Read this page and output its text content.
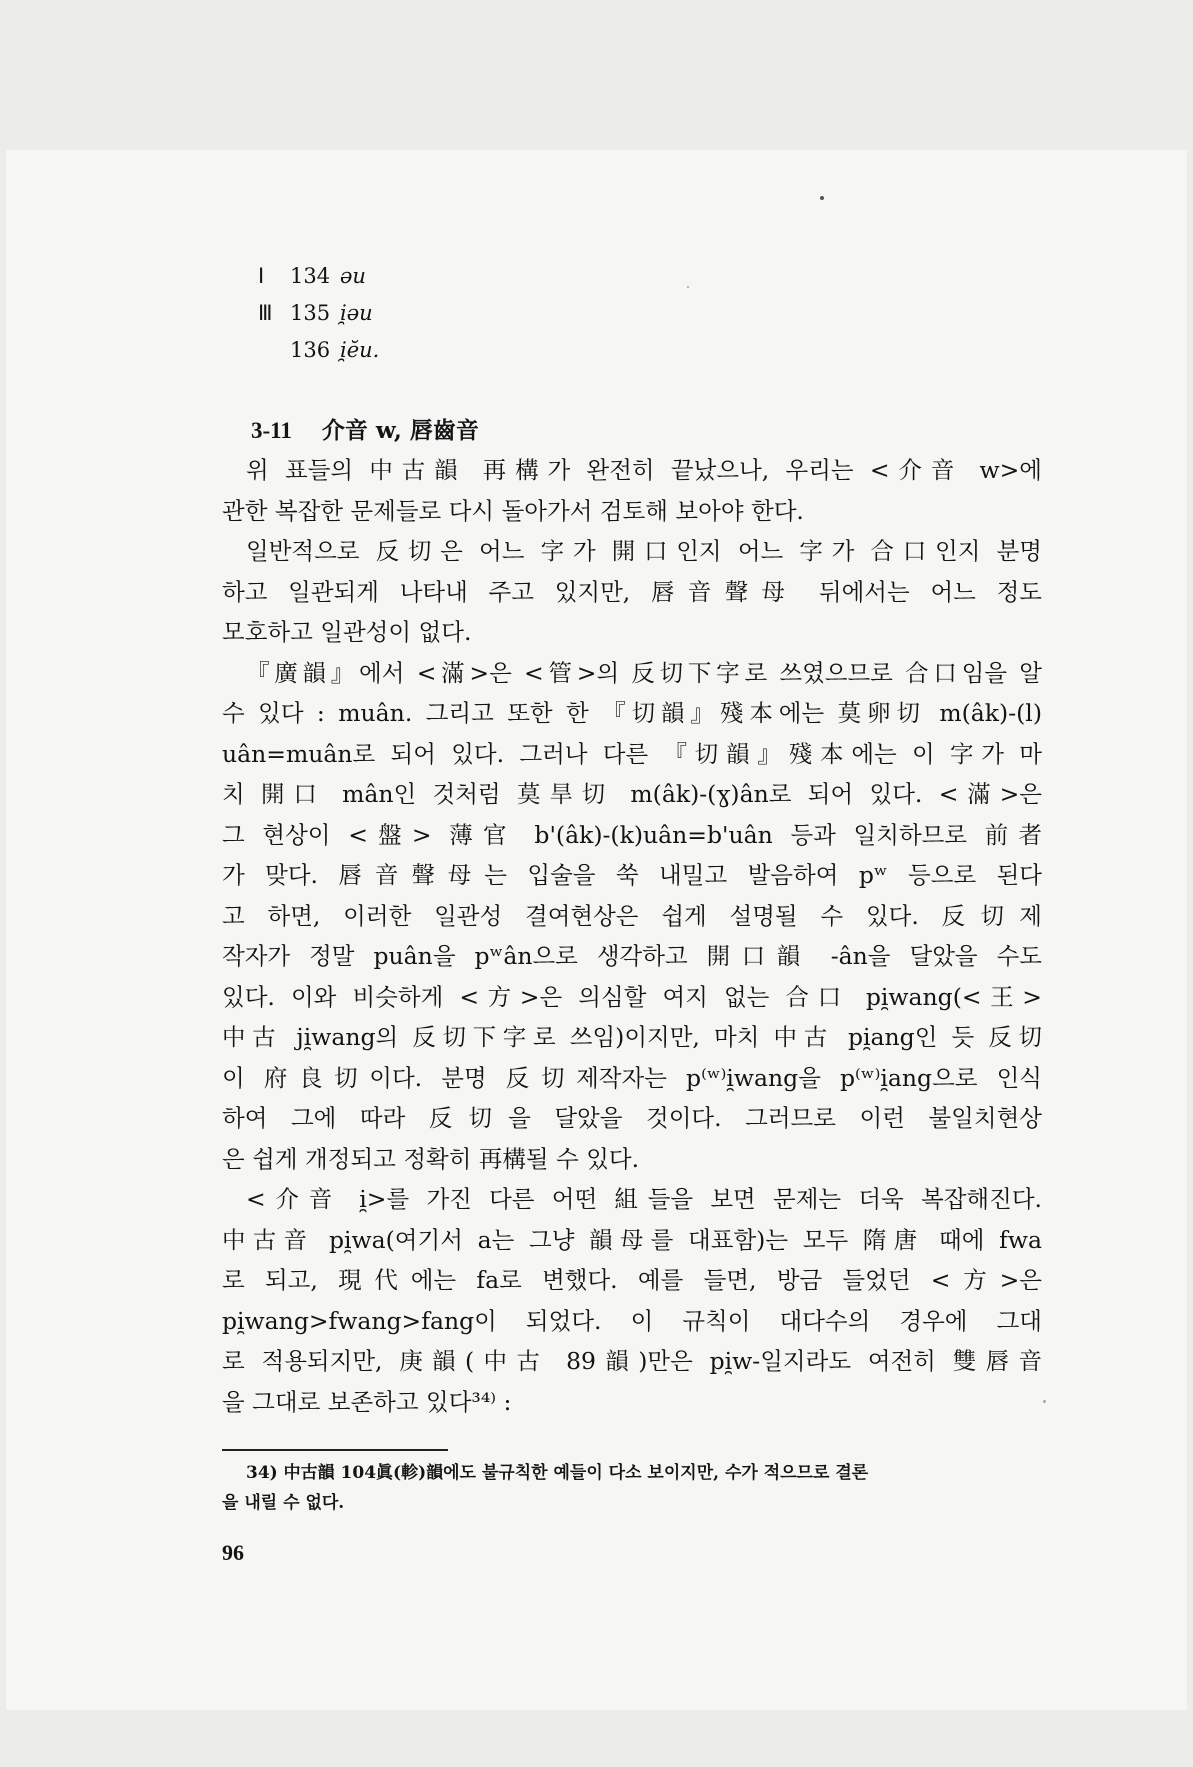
Ⅰ	134 əu
Ⅲ 135 i̯əu
136 i̯ĕu.
3-11 介音 w, 唇齒音
위 표들의 中古韻 再構가 완전히 끝났으나, 우리는 <介音 w>에
관한 복잡한 문제들로 다시 돌아가서 검토해 보아야 한다.
일반적으로 反切은 어느 字가 開口인지 어느 字가 合口인지 분명
하고 일관되게 나타내 주고 있지만, 唇音聲母 뒤에서는 어느 정도
모호하고 일관성이 없다.
『廣韻』에서 <滿>은 <管>의 反切下字로 쓰였으므로 合口임을 알
수 있다 : muân. 그리고 또한 한 『切韻』殘本에는 莫卵切 m(âk)-(l)
uân=muân로 되어 있다. 그러나 다른 『切韻』殘本에는 이 字가 마
치 開口 mân인 것처럼 莫旱切 m(âk)-(ɣ)ân로 되어 있다. <滿>은
그 현상이 <盤> 薄官 b'(âk)-(k)uân=b'uân 등과 일치하므로 前者
가 맞다. 唇音聲母는 입술을 쑥 내밀고 발음하여 pʷ 등으로 된다
고 하면, 이러한 일관성 결여현상은 쉽게 설명될 수 있다. 反切제
작자가 정말 puân을 pʷân으로 생각하고 開口韻 -ân을 달았을 수도
있다. 이와 비슷하게 <方>은 의심할 여지 없는 合口 pi̯wang(<王>
中古 ji̯wang의 反切下字로 쓰임)이지만, 마치 中古 pi̯ang인 듯 反切
이 府良切이다. 분명 反切제작자는 p⁽ʷ⁾i̯wang을 p⁽ʷ⁾i̯ang으로 인식
하여 그에 따라 反切을 달았을 것이다. 그러므로 이런 불일치현상
은 쉽게 개정되고 정확히 再構될 수 있다.
<介音 i̯>를 가진 다른 어떤 組들을 보면 문제는 더욱 복잡해진다.
中古音 pi̯wa(여기서 a는 그냥 韻母를 대표함)는 모두 隋唐 때에 fwa
로 되고, 現代에는 fa로 변했다. 예를 들면, 방금 들었던 <方>은
pi̯wang>fwang>fang이 되었다. 이 규칙이 대다수의 경우에 그대
로 적용되지만, 庚韻(中古 89韻)만은 pi̯w-일지라도 여전히 雙唇音
을 그대로 보존하고 있다³⁴⁾ :
34) 中古韻 104眞(軫)韻에도 불규칙한 예들이 다소 보이지만, 수가 적으므로 결론
을 내릴 수 없다.
96
